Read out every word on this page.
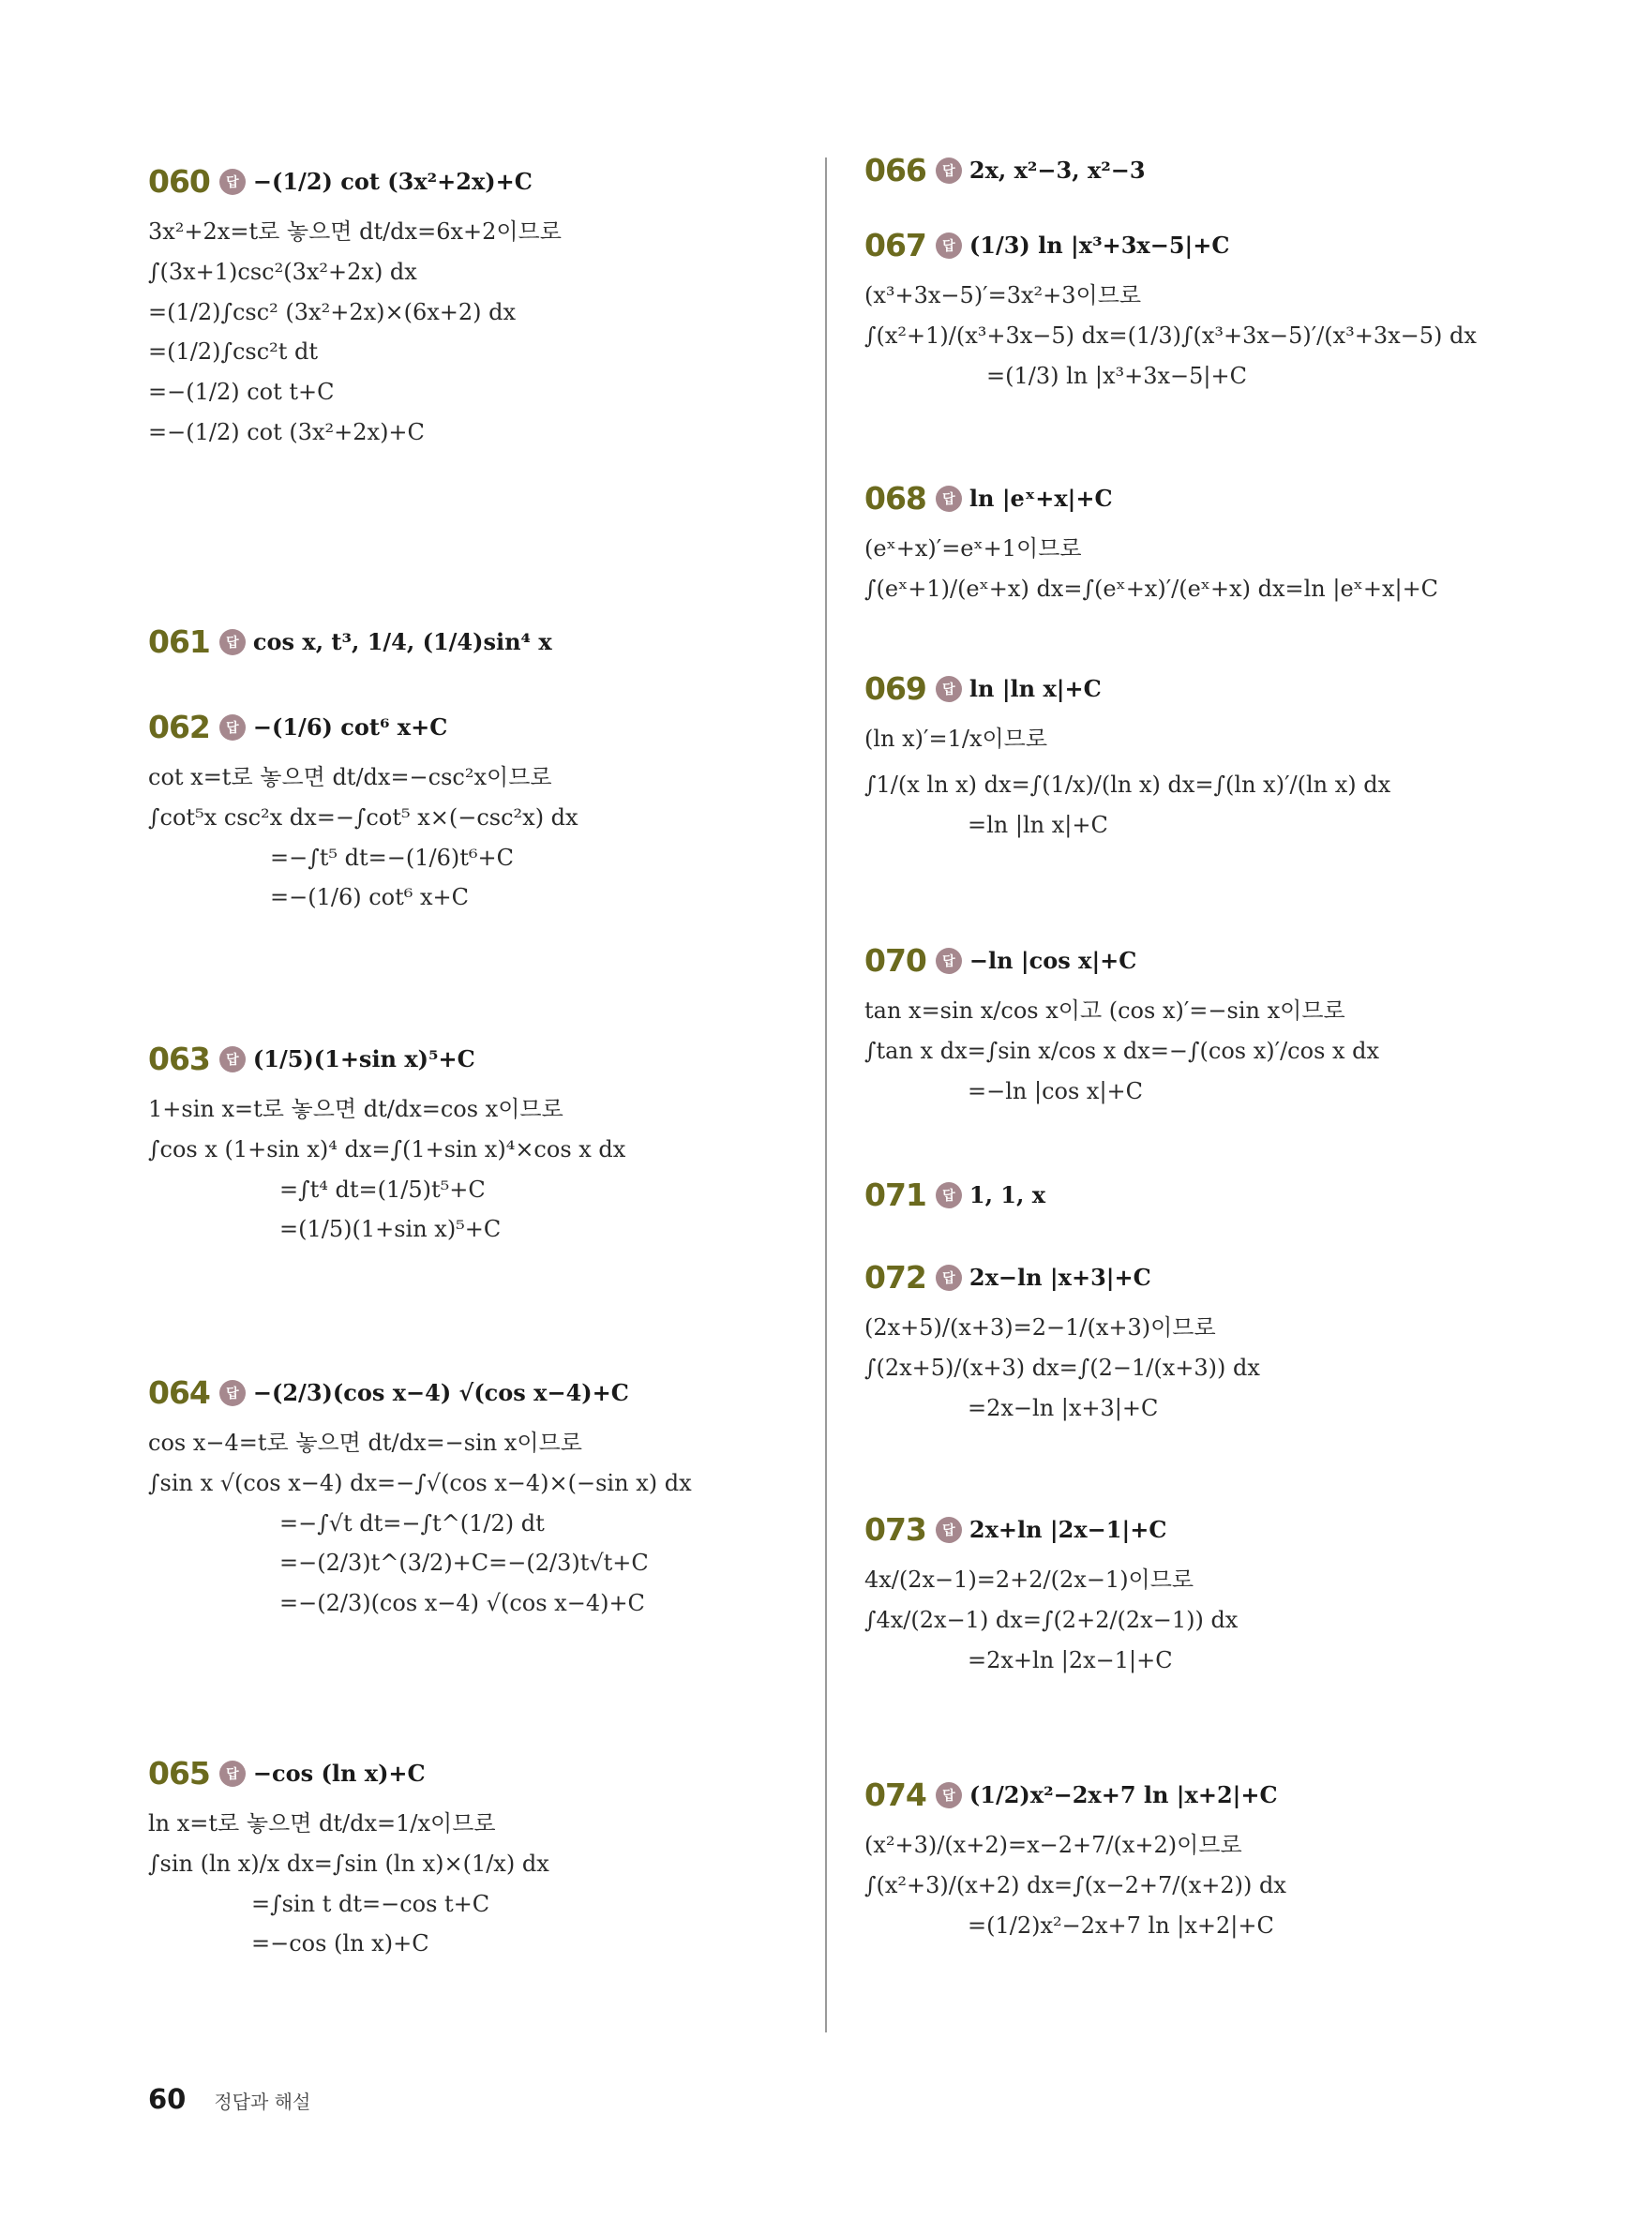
060	답 −(1/2) cot (3x²+2x)+C
3x²+2x=t로 놓으면 dt/dx=6x+2이므로
∫(3x+1)csc²(3x²+2x) dx
=(1/2)∫csc² (3x²+2x)×(6x+2) dx
=(1/2)∫csc²t dt
=−(1/2) cot t+C
=−(1/2) cot (3x²+2x)+C
061	답 cos x, t³, 1/4, (1/4)sin⁴ x
062	답 −(1/6) cot⁶ x+C
cot x=t로 놓으면 dt/dx=−csc²x이므로
∫cot⁵x csc²x dx=−∫cot⁵ x×(−csc²x) dx
=−∫t⁵ dt=−(1/6)t⁶+C
=−(1/6) cot⁶ x+C
063	답 (1/5)(1+sin x)⁵+C
1+sin x=t로 놓으면 dt/dx=cos x이므로
∫cos x (1+sin x)⁴ dx=∫(1+sin x)⁴×cos x dx
=∫t⁴ dt=(1/5)t⁵+C
=(1/5)(1+sin x)⁵+C
064	답 −(2/3)(cos x−4) √(cos x−4)+C
cos x−4=t로 놓으면 dt/dx=−sin x이므로
∫sin x √(cos x−4) dx=−∫√(cos x−4)×(−sin x) dx
=−∫√t dt=−∫t^(1/2) dt
=−(2/3)t^(3/2)+C=−(2/3)t√t+C
=−(2/3)(cos x−4) √(cos x−4)+C
065	답 −cos (ln x)+C
ln x=t로 놓으면 dt/dx=1/x이므로
∫sin (ln x)/x dx=∫sin (ln x)×(1/x) dx
=∫sin t dt=−cos t+C
=−cos (ln x)+C
066	답 2x, x²−3, x²−3
067	답 (1/3) ln |x³+3x−5|+C
(x³+3x−5)′=3x²+3이므로
∫(x²+1)/(x³+3x−5) dx=(1/3)∫(x³+3x−5)′/(x³+3x−5) dx
=(1/3) ln |x³+3x−5|+C
068	답 ln |eˣ+x|+C
(eˣ+x)′=eˣ+1이므로
∫(eˣ+1)/(eˣ+x) dx=∫(eˣ+x)′/(eˣ+x) dx=ln |eˣ+x|+C
069	답 ln |ln x|+C
(ln x)′=1/x이므로
∫1/(x ln x) dx=∫(1/x)/(ln x) dx=∫(ln x)′/(ln x) dx
=ln |ln x|+C
070	답 −ln |cos x|+C
tan x=sin x/cos x이고 (cos x)′=−sin x이므로
∫tan x dx=∫sin x/cos x dx=−∫(cos x)′/cos x dx
=−ln |cos x|+C
071	답 1, 1, x
072	답 2x−ln |x+3|+C
(2x+5)/(x+3)=2−1/(x+3)이므로
∫(2x+5)/(x+3) dx=∫(2−1/(x+3)) dx
=2x−ln |x+3|+C
073	답 2x+ln |2x−1|+C
4x/(2x−1)=2+2/(2x−1)이므로
∫4x/(2x−1) dx=∫(2+2/(2x−1)) dx
=2x+ln |2x−1|+C
074	답 (1/2)x²−2x+7 ln |x+2|+C
(x²+3)/(x+2)=x−2+7/(x+2)이므로
∫(x²+3)/(x+2) dx=∫(x−2+7/(x+2)) dx
=(1/2)x²−2x+7 ln |x+2|+C
60 정답과 해설
